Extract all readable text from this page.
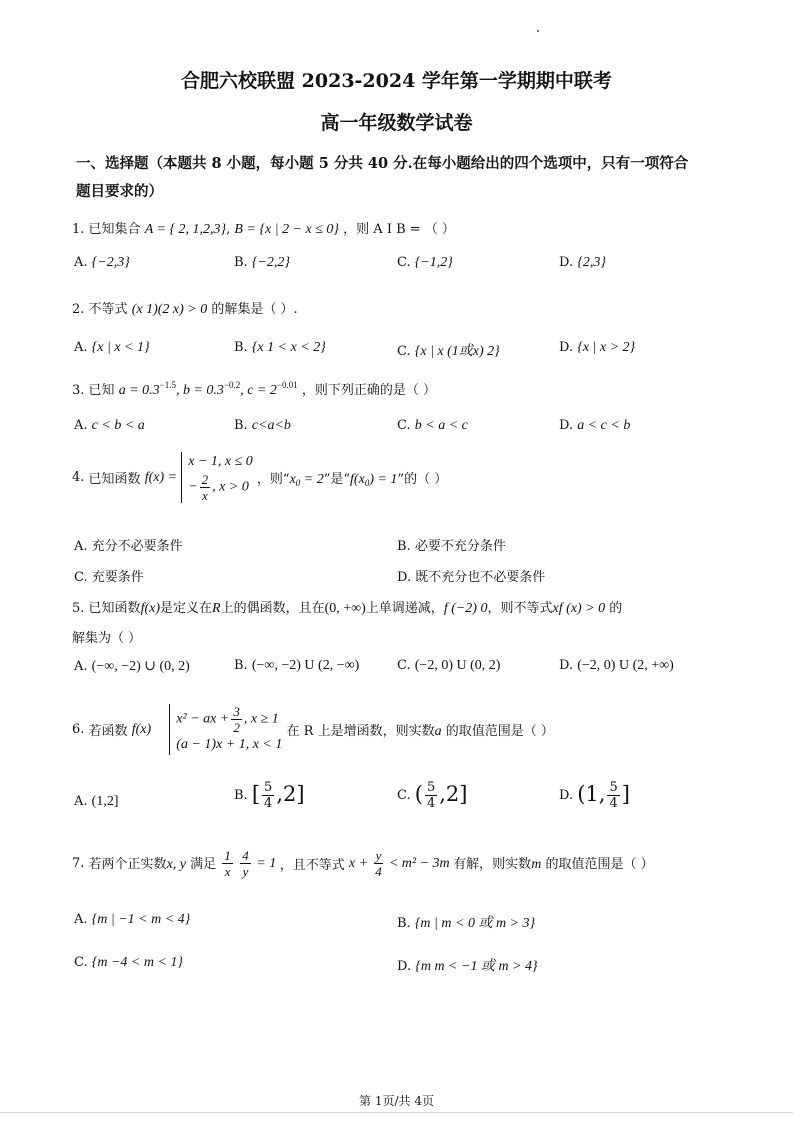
合肥六校联盟 2023-2024 学年第一学期期中联考
高一年级数学试卷
一、选择题（本题共 8 小题，每小题 5 分共 40 分.在每小题给出的四个选项中，只有一项符合
题目要求的）
1. 已知集合 A = { 2, 1,2,3}, B = {x | 2 − x ≤ 0} ，则 A I B = （ ）
A. {−2,3}	B. {−2,2}	C. {−1,2}	D. {2,3}
2. 不等式 (x 1)(2 x) > 0 的解集是（ ）.
A. {x | x < 1}	B. {x 1 < x < 2}	C. {x | x (1或x) 2}	D. {x | x > 2}
3. 已知 $a = 0.3^{-1.5}$, $b = 0.3^{-0.2}$, $c = 2^{-0.01}$ ，则下列正确的是（ ）
A. c < b < a	B. c<a<b	C. b < a < c	D. a < c < b
4. 已知函数 f(x) =
x − 1, x ≤ 0
− $\frac{2}{x}$ , x > 0
，则“$x_0 = 2$”是“$f(x_0) = 1$”的（ ）
A. 充分不必要条件	B. 必要不充分条件
C. 充要条件	D. 既不充分也不必要条件
5. 已知函数f(x)是定义在R上的偶函数，且在(0, +∞)上单调递减，f (−2) 0，则不等式xf (x) > 0 的
解集为（ ）
A. (−∞, −2) ∪ (0, 2)	B. (−∞, −2) U (2, −∞)	C. (−2, 0) U (0, 2)	D. (−2, 0) U (2, +∞)
6. 若函数 f(x)
x² − ax + $\frac{3}{2}$ , x ≥ 1
(a − 1)x + 1, x < 1
在 R 上是增函数，则实数a 的取值范围是（ ）
A. (1,2]	B. [ $\frac{5}{4} ,2$]	C. ( $\frac{5}{4} ,2$]	D. (1, $\frac{5}{4}$ ]
7. 若两个正实数x, y 满足 $\frac{1}{x}$
$\frac{4}{y} = 1$ ，且不等式 $x + \frac{y}{4} < m^2 - 3m$ 有解，则实数m 的取值范围是（ ）
A. {m | −1 < m < 4}	B. {m | m < 0 或 m > 3}
C. {m −4 < m < 1}	D. {m m < −1 或 m > 4}
第 1页/共 4页
